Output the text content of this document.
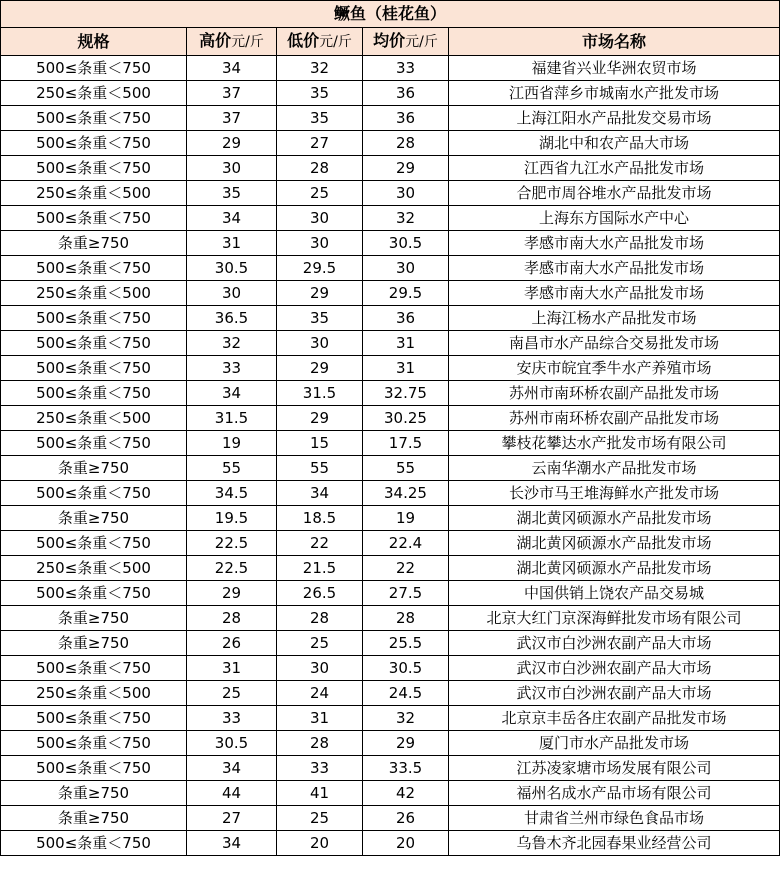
鳜鱼（桂花鱼）				
规格	高价元/斤	低价元/斤	均价元/斤	市场名称
500≤条重＜750	34	32	33	福建省兴业华洲农贸市场
250≤条重＜500	37	35	36	江西省萍乡市城南水产批发市场
500≤条重＜750	37	35	36	上海江阳水产品批发交易市场
500≤条重＜750	29	27	28	湖北中和农产品大市场
500≤条重＜750	30	28	29	江西省九江水产品批发市场
250≤条重＜500	35	25	30	合肥市周谷堆水产品批发市场
500≤条重＜750	34	30	32	上海东方国际水产中心
条重≥750	31	30	30.5	孝感市南大水产品批发市场
500≤条重＜750	30.5	29.5	30	孝感市南大水产品批发市场
250≤条重＜500	30	29	29.5	孝感市南大水产品批发市场
500≤条重＜750	36.5	35	36	上海江杨水产品批发市场
500≤条重＜750	32	30	31	南昌市水产品综合交易批发市场
500≤条重＜750	33	29	31	安庆市皖宜季牛水产养殖市场
500≤条重＜750	34	31.5	32.75	苏州市南环桥农副产品批发市场
250≤条重＜500	31.5	29	30.25	苏州市南环桥农副产品批发市场
500≤条重＜750	19	15	17.5	攀枝花攀达水产批发市场有限公司
条重≥750	55	55	55	云南华潮水产品批发市场
500≤条重＜750	34.5	34	34.25	长沙市马王堆海鲜水产批发市场
条重≥750	19.5	18.5	19	湖北黄冈硕源水产品批发市场
500≤条重＜750	22.5	22	22.4	湖北黄冈硕源水产品批发市场
250≤条重＜500	22.5	21.5	22	湖北黄冈硕源水产品批发市场
500≤条重＜750	29	26.5	27.5	中国供销上饶农产品交易城
条重≥750	28	28	28	北京大红门京深海鲜批发市场有限公司
条重≥750	26	25	25.5	武汉市白沙洲农副产品大市场
500≤条重＜750	31	30	30.5	武汉市白沙洲农副产品大市场
250≤条重＜500	25	24	24.5	武汉市白沙洲农副产品大市场
500≤条重＜750	33	31	32	北京京丰岳各庄农副产品批发市场
500≤条重＜750	30.5	28	29	厦门市水产品批发市场
500≤条重＜750	34	33	33.5	江苏凌家塘市场发展有限公司
条重≥750	44	41	42	福州名成水产品市场有限公司
条重≥750	27	25	26	甘肃省兰州市绿色食品市场
500≤条重＜750	34	20	20	乌鲁木齐北园春果业经营公司
